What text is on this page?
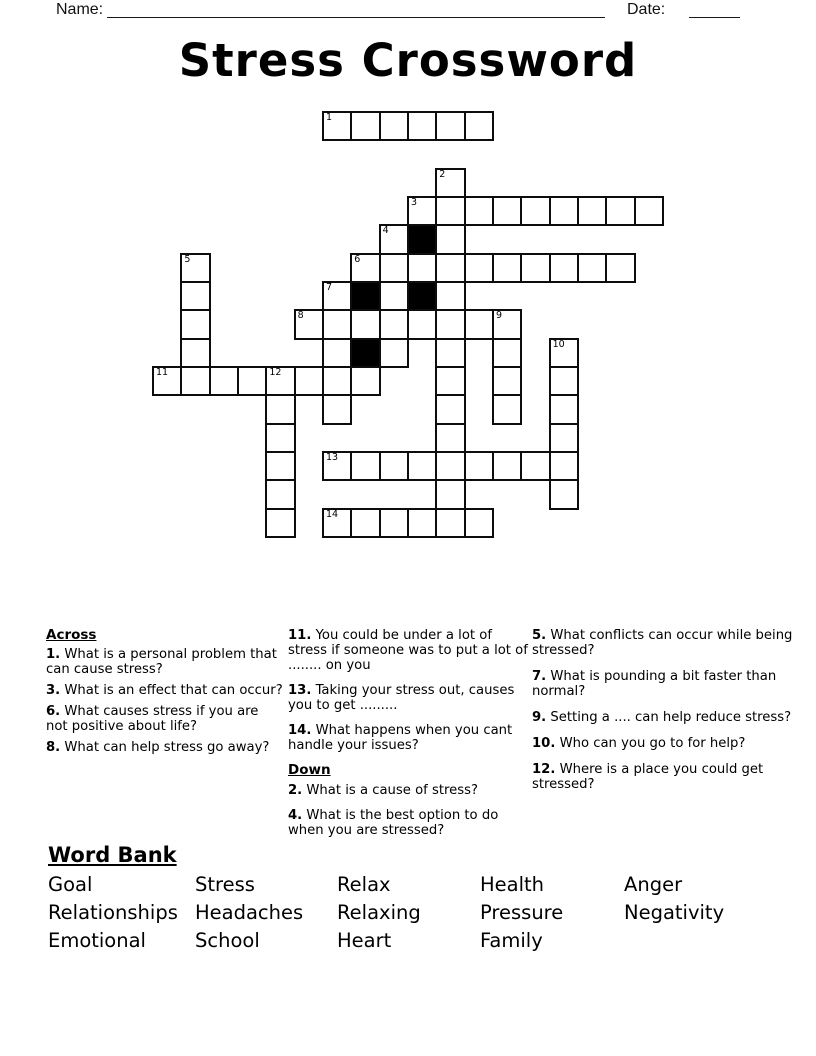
Name:	Date:
Stress Crossword
1
2
3
4
5	6
7
8	9
10
11	12
13
14
Across
1. What is a personal problem that can cause stress?
3. What is an effect that can occur?
6. What causes stress if you are not positive about life?
8. What can help stress go away?
11. You could be under a lot of stress if someone was to put a lot of ........ on you
13. Taking your stress out, causes you to get .........
14. What happens when you cant handle your issues?
Down
2. What is a cause of stress?
4. What is the best option to do when you are stressed?
5. What conflicts can occur while being stressed?
7. What is pounding a bit faster than normal?
9. Setting a .... can help reduce stress?
10. Who can you go to for help?
12. Where is a place you could get stressed?
Word Bank
Goal	Stress	Relax	Health	Anger
Relationships Headaches Relaxing	Pressure	Negativity
Emotional	School	Heart	Family
